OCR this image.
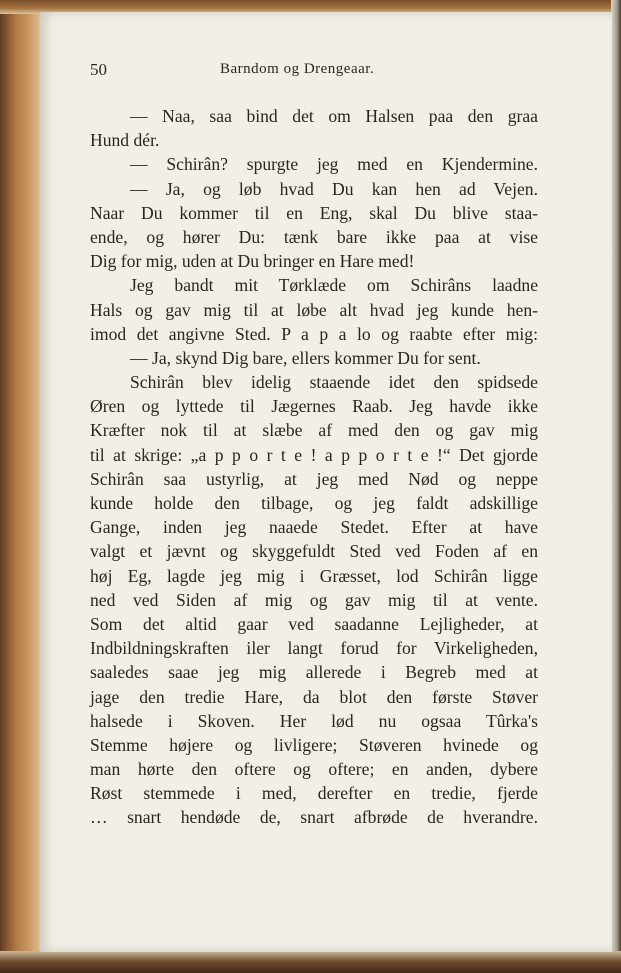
50	Barndom og Drengeaar.
— Naa, saa bind det om Halsen paa den graa
Hund dér.
— Schirân? spurgte jeg med en Kjendermine.
— Ja, og løb hvad Du kan hen ad Vejen.
Naar Du kommer til en Eng, skal Du blive staa-
ende, og hører Du: tænk bare ikke paa at vise
Dig for mig, uden at Du bringer en Hare med!
Jeg bandt mit Tørklæde om Schirâns laadne
Hals og gav mig til at løbe alt hvad jeg kunde hen-
imod det angivne Sted. P a p a lo og raabte efter mig:
— Ja, skynd Dig bare, ellers kommer Du for sent.
Schirân blev idelig staaende idet den spidsede
Øren og lyttede til Jægernes Raab. Jeg havde ikke
Kræfter nok til at slæbe af med den og gav mig
til at skrige: „a p p o r t e ! a p p o r t e !“ Det gjorde
Schirân saa ustyrlig, at jeg med Nød og neppe
kunde holde den tilbage, og jeg faldt adskillige
Gange, inden jeg naaede Stedet. Efter at have
valgt et jævnt og skyggefuldt Sted ved Foden af en
høj Eg, lagde jeg mig i Græsset, lod Schirân ligge
ned ved Siden af mig og gav mig til at vente.
Som det altid gaar ved saadanne Lejligheder, at
Indbildningskraften iler langt forud for Virkeligheden,
saaledes saae jeg mig allerede i Begreb med at
jage den tredie Hare, da blot den første Støver
halsede i Skoven. Her lød nu ogsaa Tûrka's
Stemme højere og livligere; Støveren hvinede og
man hørte den oftere og oftere; en anden, dybere
Røst stemmede i med, derefter en tredie, fjerde
… snart hendøde de, snart afbrøde de hverandre.
